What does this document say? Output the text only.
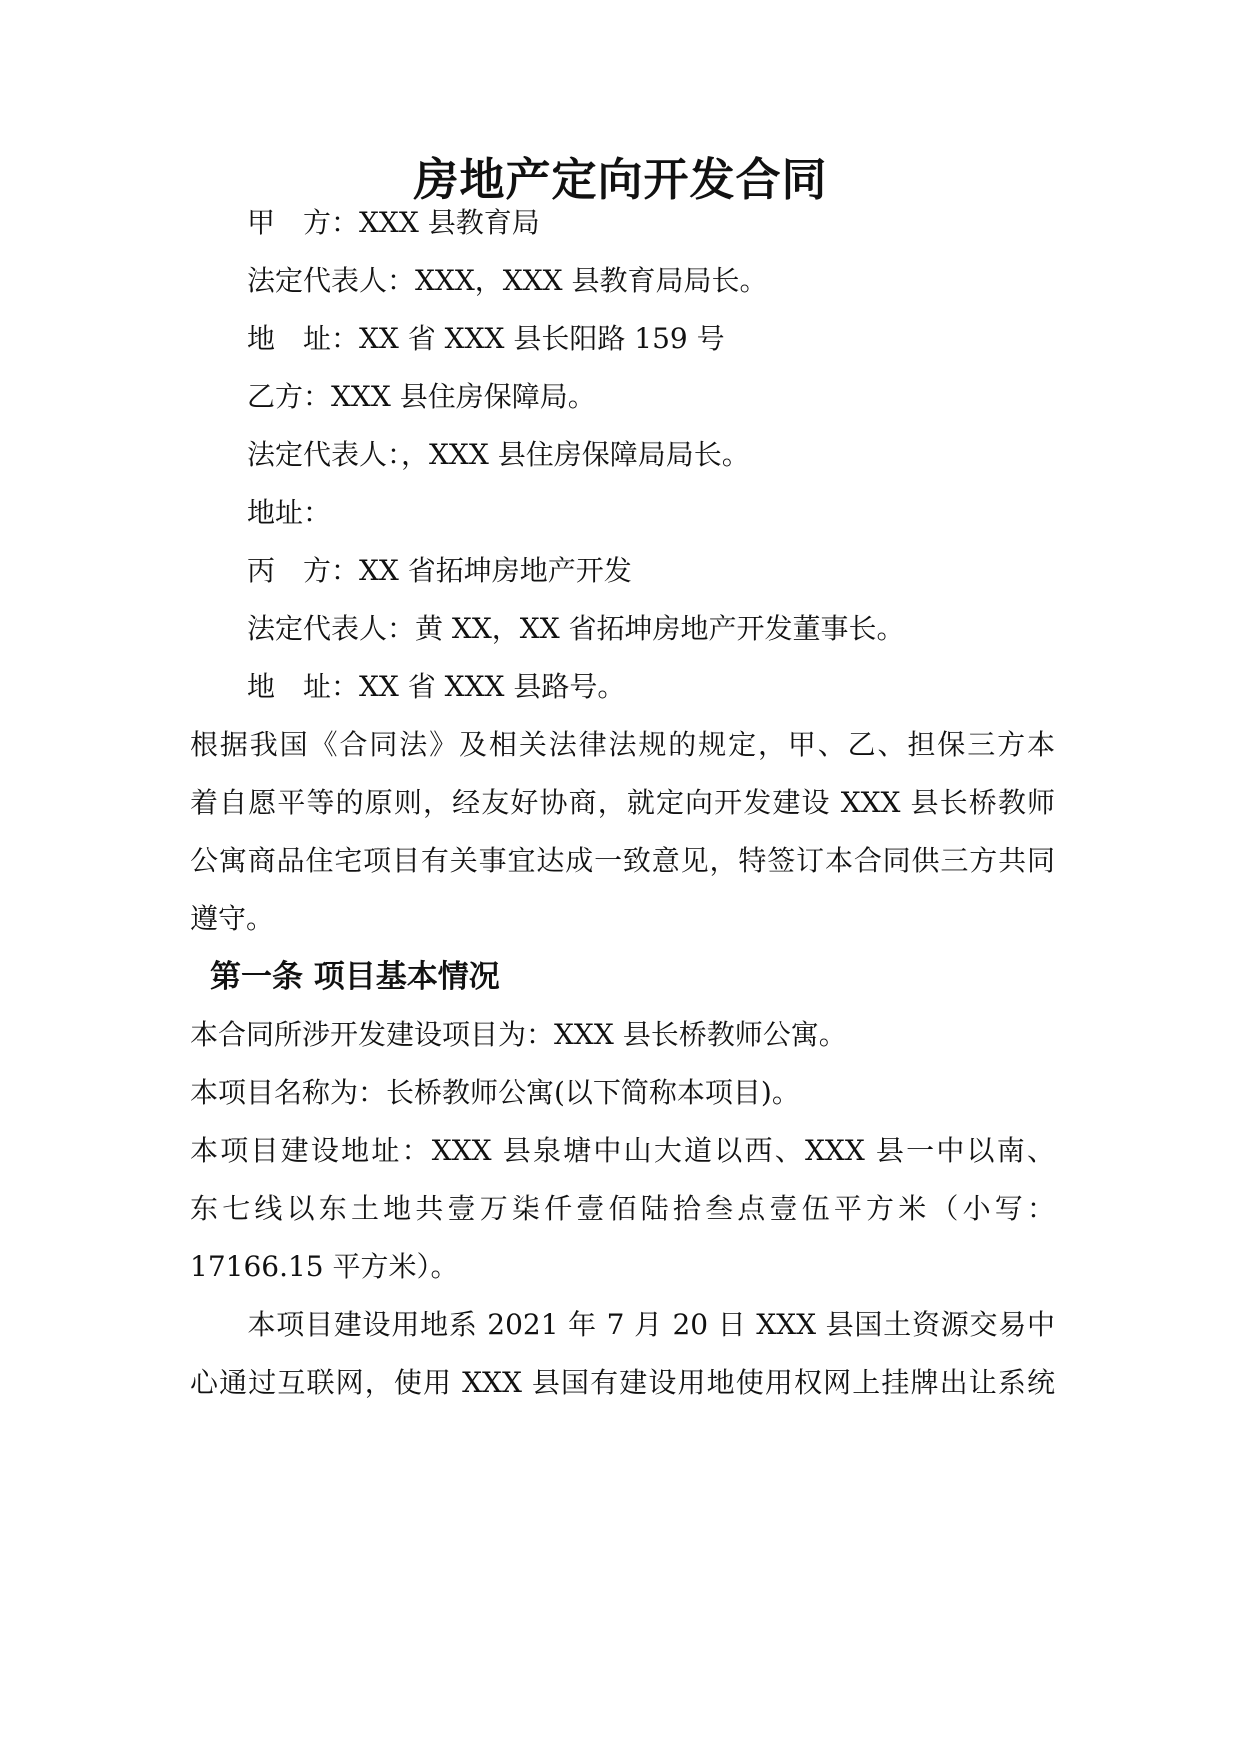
房地产定向开发合同
甲　方：XXX 县教育局
法定代表人：XXX，XXX 县教育局局长。
地　址：XX 省 XXX 县长阳路 159 号
乙方：XXX 县住房保障局。
法定代表人：，XXX 县住房保障局局长。
地址：
丙　方：XX 省拓坤房地产开发
法定代表人：黄 XX，XX 省拓坤房地产开发董事长。
地　址：XX 省 XXX 县路号。
根据我国《合同法》及相关法律法规的规定，甲、乙、担保三方本
着自愿平等的原则，经友好协商，就定向开发建设 XXX 县长桥教师
公寓商品住宅项目有关事宜达成一致意见，特签订本合同供三方共同
遵守。
第一条 项目基本情况
本合同所涉开发建设项目为：XXX 县长桥教师公寓。
本项目名称为：长桥教师公寓(以下简称本项目)。
本项目建设地址：XXX 县泉塘中山大道以西、XXX 县一中以南、
东七线以东土地共壹万柒仟壹佰陆拾叁点壹伍平方米（小写：
17166.15 平方米）。
　　本项目建设用地系 2021 年 7 月 20 日 XXX 县国土资源交易中
心通过互联网，使用 XXX 县国有建设用地使用权网上挂牌出让系统
